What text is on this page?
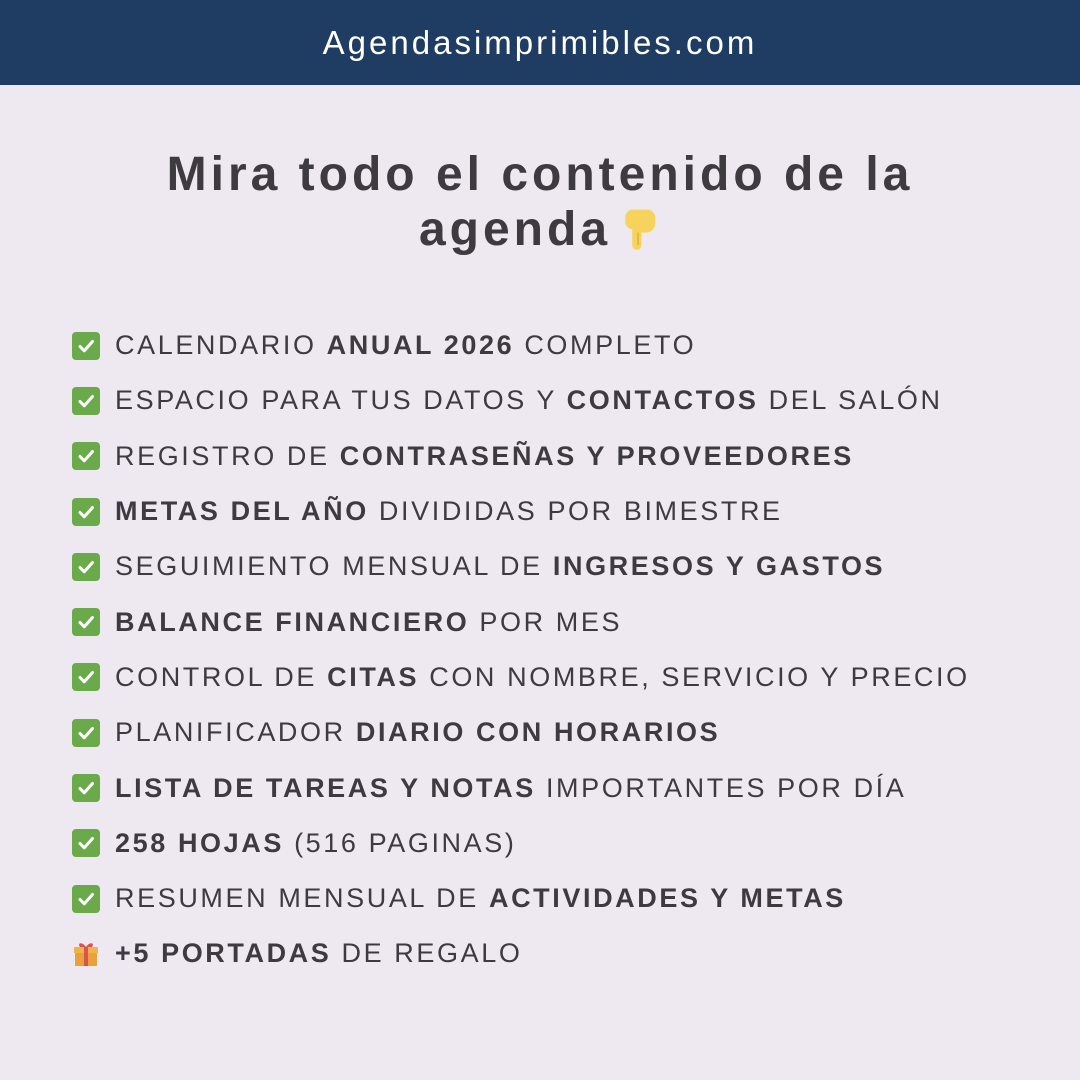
Agendasimprimibles.com
Mira todo el contenido de la
agenda
CALENDARIO ANUAL 2026 COMPLETO
ESPACIO PARA TUS DATOS Y CONTACTOS DEL SALÓN
REGISTRO DE CONTRASEÑAS Y PROVEEDORES
METAS DEL AÑO DIVIDIDAS POR BIMESTRE
SEGUIMIENTO MENSUAL DE INGRESOS Y GASTOS
BALANCE FINANCIERO POR MES
CONTROL DE CITAS CON NOMBRE, SERVICIO Y PRECIO
PLANIFICADOR DIARIO CON HORARIOS
LISTA DE TAREAS Y NOTAS IMPORTANTES POR DÍA
258 HOJAS (516 PAGINAS)
RESUMEN MENSUAL DE ACTIVIDADES Y METAS
+5 PORTADAS DE REGALO
